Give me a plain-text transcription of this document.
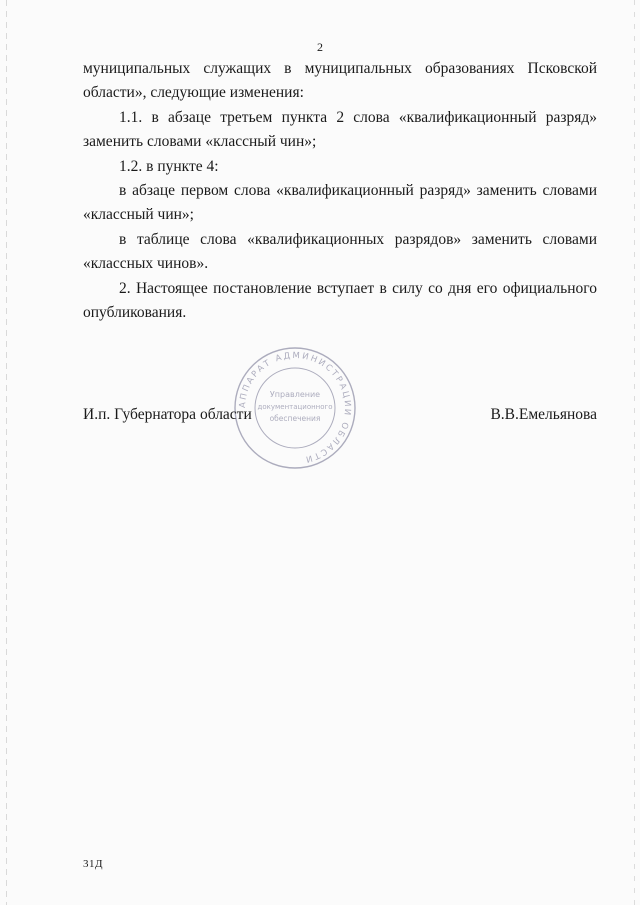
2

муниципальных служащих в муниципальных образованиях Псковской области», следующие изменения:

1.1. в абзаце третьем пункта 2 слова «квалификационный разряд» заменить словами «классный чин»;

1.2. в пункте 4:

в абзаце первом слова «квалификационный разряд» заменить словами «классный чин»;

в таблице слова «квалификационных разрядов» заменить словами «классных чинов».

2. Настоящее постановление вступает в силу со дня его официального опубликования.

АППАРАТ АДМИНИСТРАЦИИ ОБЛАСТИ
Управление
документационного
обеспечения
И.п. Губернатора области	В.В.Емельянова
31Д
